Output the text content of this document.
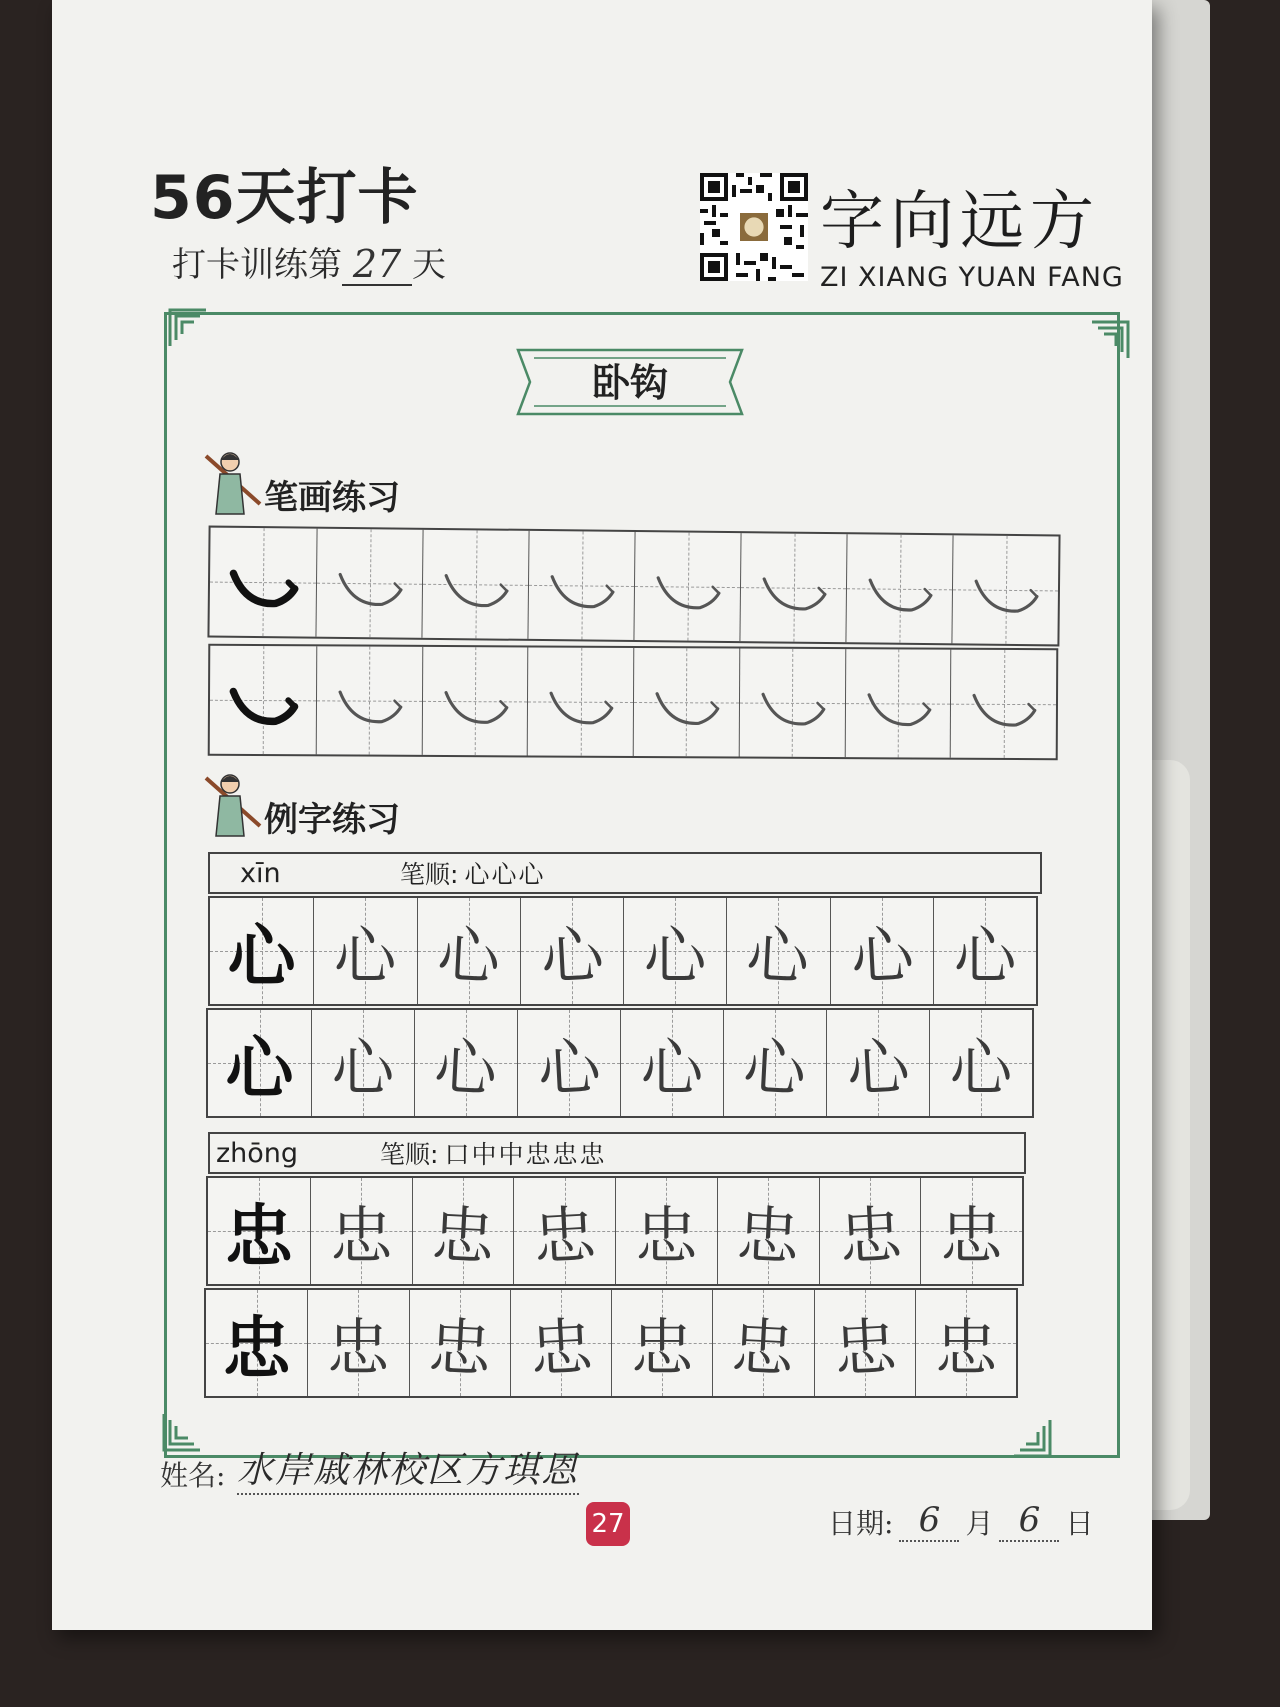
56天打卡
打卡训练第 27 天
字向远方
ZI XIANG YUAN FANG
卧钩
笔画练习
例字练习
xīn	笔顺: 心心心
心 心 心 心 心 心 心 心
心 心 心 心 心 心 心 心
zhōng	笔顺: 口中中忠忠忠
忠 忠 忠 忠 忠 忠 忠 忠
忠 忠 忠 忠 忠 忠 忠 忠
姓名: 水岸戚林校区方琪恩
27	日期: 6 月 6 日
